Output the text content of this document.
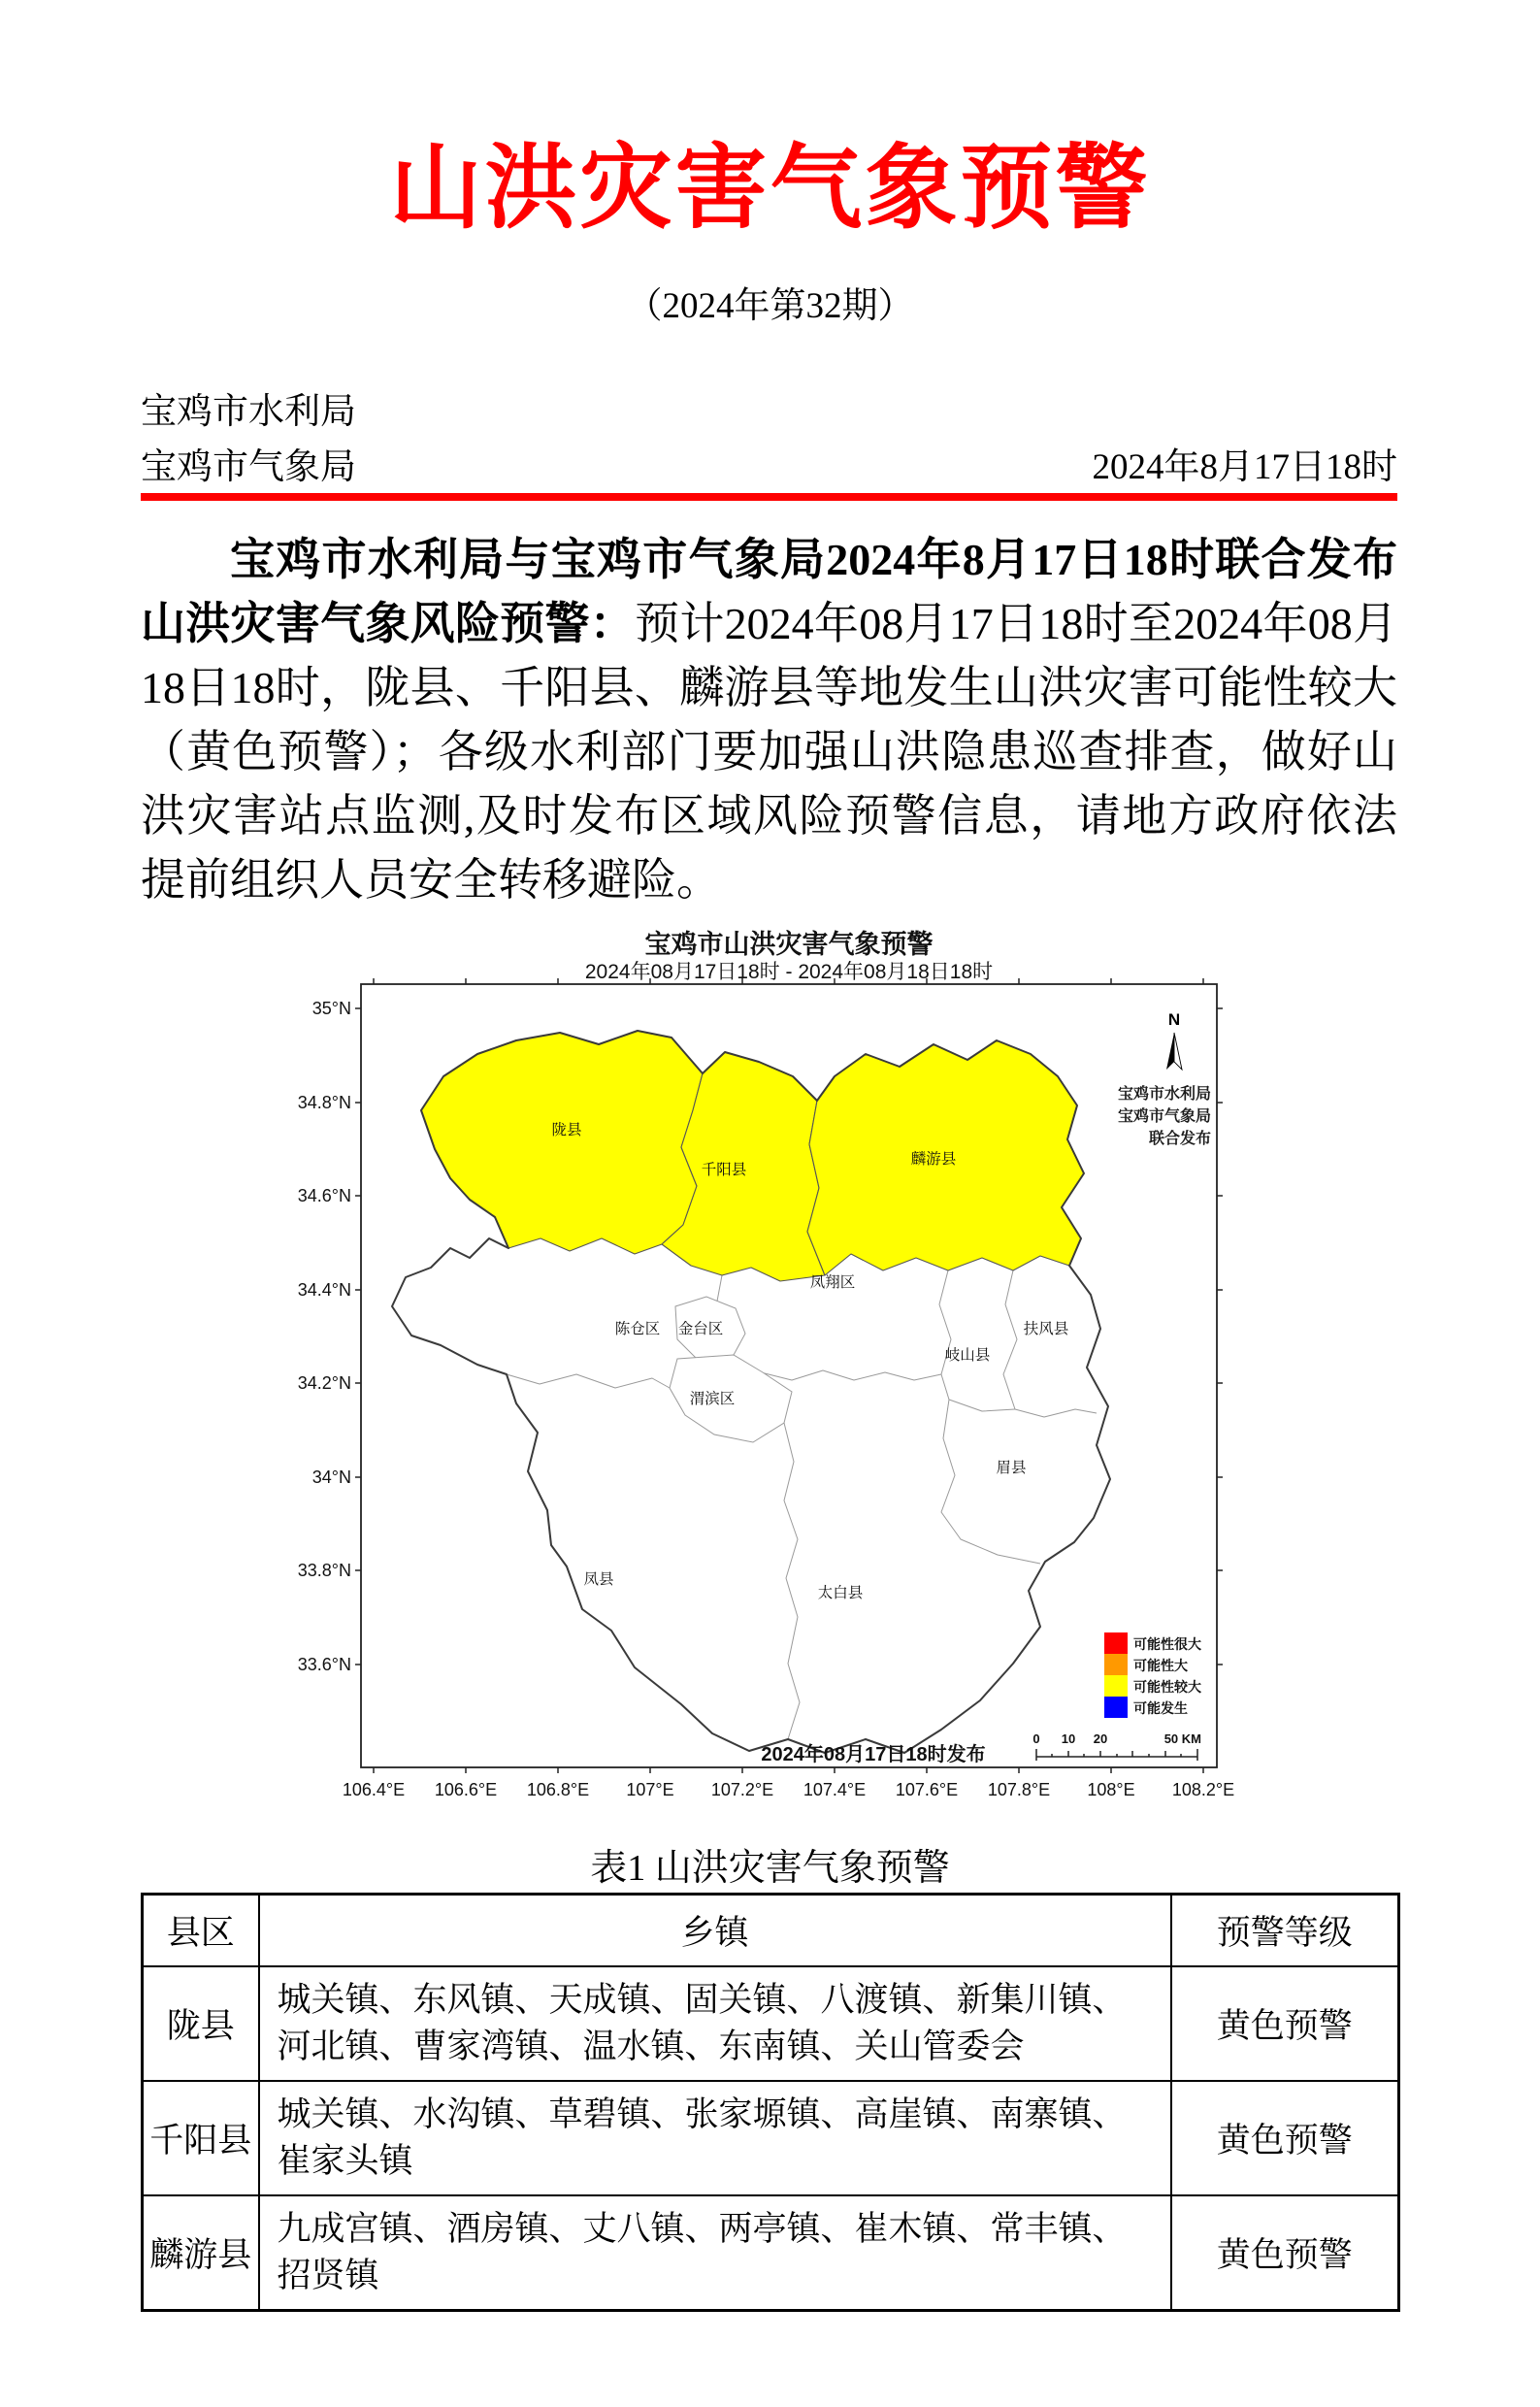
山洪灾害气象预警
（2024年第32期）
宝鸡市水利局
宝鸡市气象局	2024年8月17日18时

宝鸡市水利局与宝鸡市气象局2024年8月17日18时联合发布山洪灾害气象风险预警：预计2024年08月17日18时至2024年08月18日18时，陇县、千阳县、麟游县等地发生山洪灾害可能性较大（黄色预警）；各级水利部门要加强山洪隐患巡查排查，做好山洪灾害站点监测,及时发布区域风险预警信息，请地方政府依法提前组织人员安全转移避险。

宝鸡市山洪灾害气象预警
2024年08月17日18时 - 2024年08月18日18时
106.4°E 106.6°E 106.8°E 107°E 107.2°E 107.4°E 107.6°E 107.8°E 108°E 108.2°E
35°N
34.8°N
34.6°N
34.4°N
34.2°N
34°N
33.8°N
33.6°N
陇县
千阳县
麟游县
凤翔区
陈仓区 金台区	扶风县
岐山县
渭滨区
眉县
凤县
太白县
N
宝鸡市水利局
宝鸡市气象局
联合发布
可能性很大
可能性大
可能性较大
可能发生
0 10 20	50 KM
2024年08月17日18时发布
表1 山洪灾害气象预警
县区	乡镇	预警等级
陇县	城关镇、东风镇、天成镇、固关镇、八渡镇、新集川镇、河北镇、曹家湾镇、温水镇、东南镇、关山管委会	黄色预警
千阳县	城关镇、水沟镇、草碧镇、张家塬镇、高崖镇、南寨镇、崔家头镇	黄色预警
麟游县	九成宫镇、酒房镇、丈八镇、两亭镇、崔木镇、常丰镇、招贤镇	黄色预警
